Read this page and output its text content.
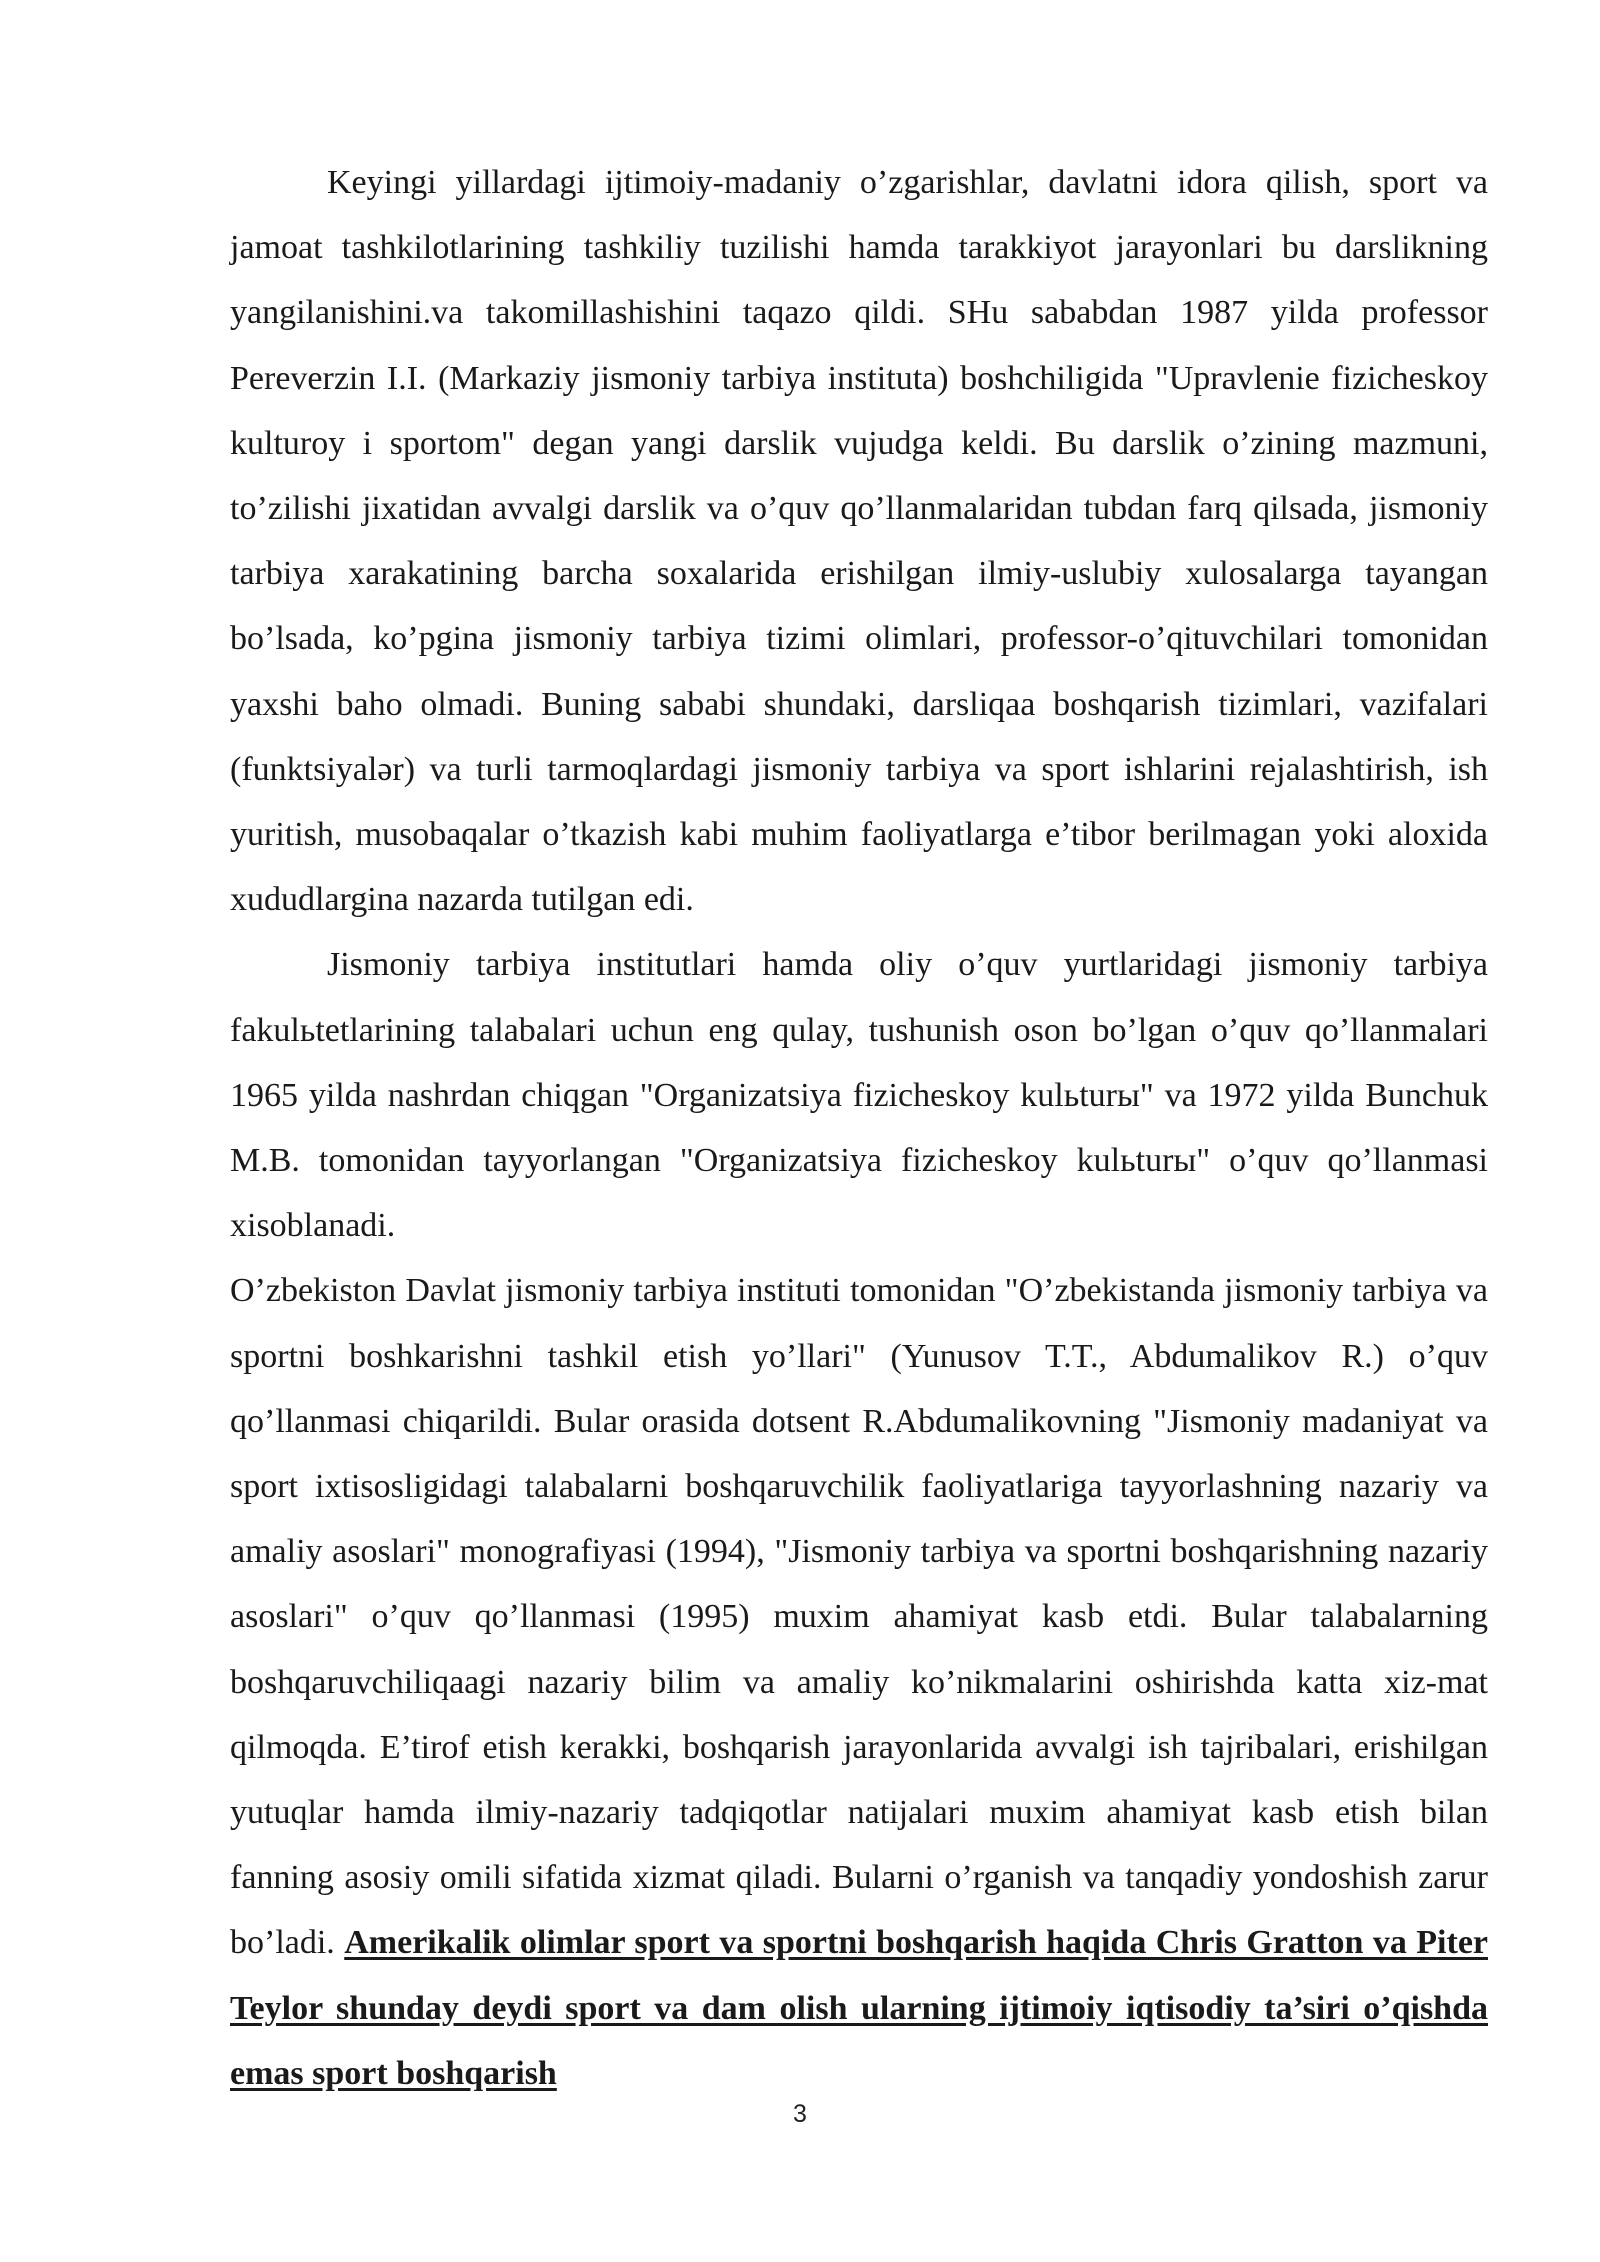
Keyingi yillardagi ijtimoiy-madaniy o’zgarishlar, davlatni idora qilish, sport va jamoat tashkilotlarining tashkiliy tuzilishi hamda tarakkiyot jarayonlari bu darslikning yangilanishini.va takomillashishini taqazo qildi. SHu sababdan 1987 yilda professor Pereverzin I.I. (Markaziy jismoniy tarbiya instituta) boshchiligida "Upravlenie fizicheskoy kulturoy i sportom" degan yangi darslik vujudga keldi. Bu darslik o’zining mazmuni, to’zilishi jixatidan avvalgi darslik va o’quv qo’llanmalaridan tubdan farq qilsada, jismoniy tarbiya xarakatining barcha soxalarida erishilgan ilmiy-uslubiy xulosalarga tayangan bo’lsada, ko’pgina jismoniy tarbiya tizimi olimlari, professor-o’qituvchilari tomonidan yaxshi baho olmadi. Buning sababi shundaki, darsliqaa boshqarish tizimlari, vazifalari (funktsiyalər) va turli tarmoqlardagi jismoniy tarbiya va sport ishlarini rejalashtirish, ish yuritish, musobaqalar o’tkazish kabi muhim faoliyatlarga e’tibor berilmagan yoki aloxida xududlargina nazarda tutilgan edi.

Jismoniy tarbiya institutlari hamda oliy o’quv yurtlaridagi jismoniy tarbiya fakulьtetlarining talabalari uchun eng qulay, tushunish oson bo’lgan o’quv qo’llanmalari 1965 yilda nashrdan chiqgan "Organizatsiya fizicheskoy kulьturы" va 1972 yilda Bunchuk M.B. tomonidan tayyorlangan "Organizatsiya fizicheskoy kulьturы" o’quv qo’llanmasi xisoblanadi.

O’zbekiston Davlat jismoniy tarbiya instituti tomonidan "O’zbekistanda jismoniy tarbiya va sportni boshkarishni tashkil etish yo’llari" (Yunusov T.T., Abdumalikov R.) o’quv qo’llanmasi chiqarildi. Bular orasida dotsent R.Abdumalikovning "Jismoniy madaniyat va sport ixtisosligidagi talabalarni boshqaruvchilik faoliyatlariga tayyorlashning nazariy va amaliy asoslari" monografiyasi (1994), "Jismoniy tarbiya va sportni boshqarishning nazariy asoslari" o’quv qo’llanmasi (1995) muxim ahamiyat kasb etdi. Bular talabalarning boshqaruvchiliqaagi nazariy bilim va amaliy ko’nikmalarini oshirishda katta xiz-mat qilmoqda. E’tirof etish kerakki, boshqarish jarayonlarida avvalgi ish tajribalari, erishilgan yutuqlar hamda ilmiy-nazariy tadqiqotlar natijalari muxim ahamiyat kasb etish bilan fanning asosiy omili sifatida xizmat qiladi. Bularni o’rganish va tanqadiy yondoshish zarur bo’ladi. Amerikalik olimlar sport va sportni boshqarish haqida Chris Gratton va Piter Teylor shunday deydi sport va dam olish ularning ijtimoiy iqtisodiy ta’siri o’qishda emas sport boshqarish

3
